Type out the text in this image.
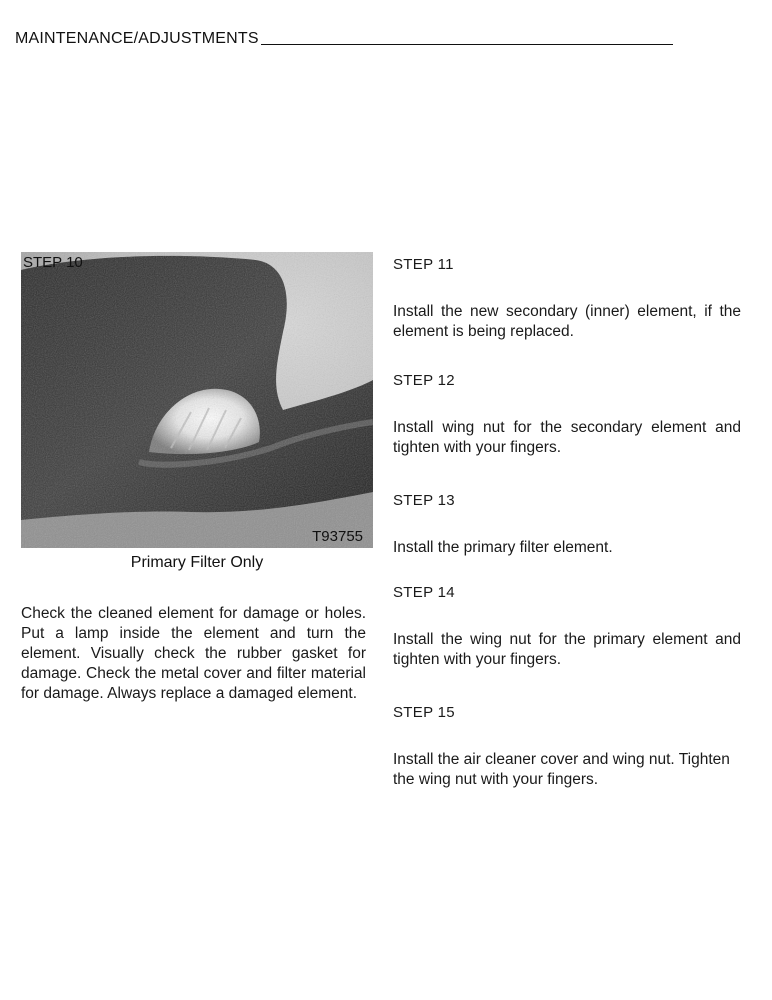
MAINTENANCE/ADJUSTMENTS
STEP 10
T93755
Primary Filter Only

Check the cleaned element for damage or holes. Put a lamp inside the element and turn the element. Visually check the rubber gasket for damage. Check the metal cover and filter material for damage. Always replace a damaged element.

STEP 11

Install the new secondary (inner) element, if the element is being replaced.

STEP 12

Install wing nut for the secondary element and tighten with your fingers.

STEP 13

Install the primary filter element.

STEP 14

Install the wing nut for the primary element and tighten with your fingers.

STEP 15

Install the air cleaner cover and wing nut. Tighten the wing nut with your fingers.
